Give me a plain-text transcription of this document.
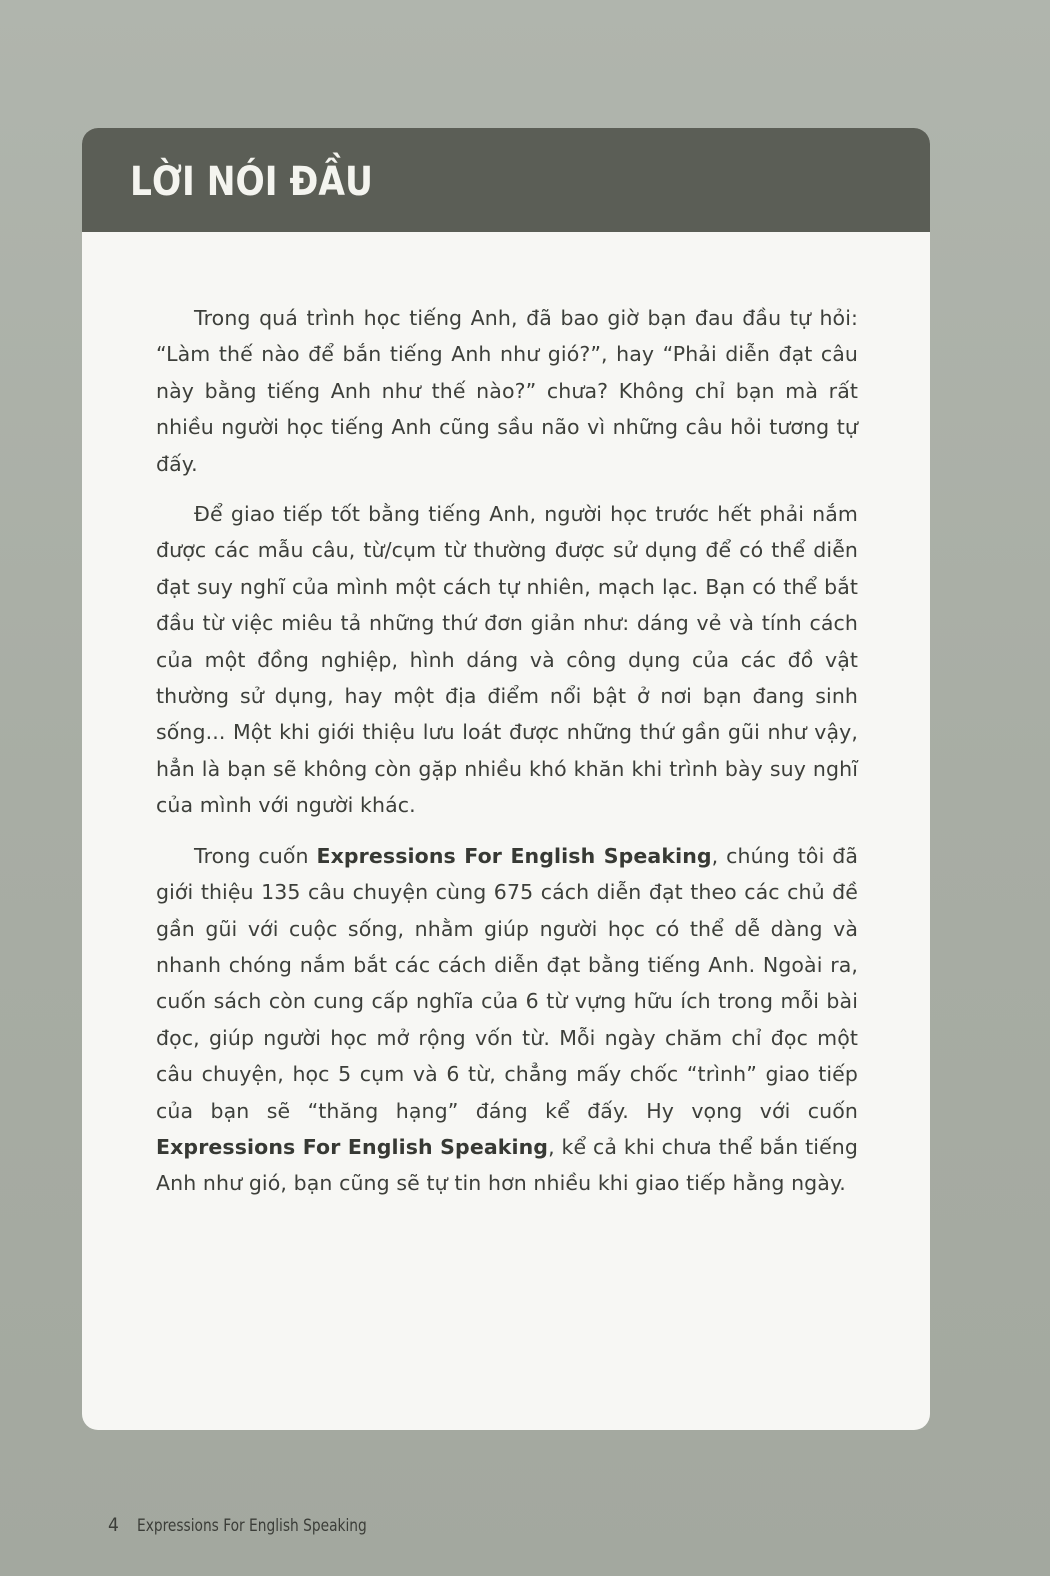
LỜI NÓI ĐẦU

Trong quá trình học tiếng Anh, đã bao giờ bạn đau đầu tự hỏi: “Làm thế nào để bắn tiếng Anh như gió?”, hay “Phải diễn đạt câu này bằng tiếng Anh như thế nào?” chưa? Không chỉ bạn mà rất nhiều người học tiếng Anh cũng sầu não vì những câu hỏi tương tự đấy.

Để giao tiếp tốt bằng tiếng Anh, người học trước hết phải nắm được các mẫu câu, từ/cụm từ thường được sử dụng để có thể diễn đạt suy nghĩ của mình một cách tự nhiên, mạch lạc. Bạn có thể bắt đầu từ việc miêu tả những thứ đơn giản như: dáng vẻ và tính cách của một đồng nghiệp, hình dáng và công dụng của các đồ vật thường sử dụng, hay một địa điểm nổi bật ở nơi bạn đang sinh sống... Một khi giới thiệu lưu loát được những thứ gần gũi như vậy, hẳn là bạn sẽ không còn gặp nhiều khó khăn khi trình bày suy nghĩ của mình với người khác.

Trong cuốn Expressions For English Speaking, chúng tôi đã giới thiệu 135 câu chuyện cùng 675 cách diễn đạt theo các chủ đề gần gũi với cuộc sống, nhằm giúp người học có thể dễ dàng và nhanh chóng nắm bắt các cách diễn đạt bằng tiếng Anh. Ngoài ra, cuốn sách còn cung cấp nghĩa của 6 từ vựng hữu ích trong mỗi bài đọc, giúp người học mở rộng vốn từ. Mỗi ngày chăm chỉ đọc một câu chuyện, học 5 cụm và 6 từ, chẳng mấy chốc “trình” giao tiếp của bạn sẽ “thăng hạng” đáng kể đấy. Hy vọng với cuốn Expressions For English Speaking, kể cả khi chưa thể bắn tiếng Anh như gió, bạn cũng sẽ tự tin hơn nhiều khi giao tiếp hằng ngày.

4 Expressions For English Speaking
